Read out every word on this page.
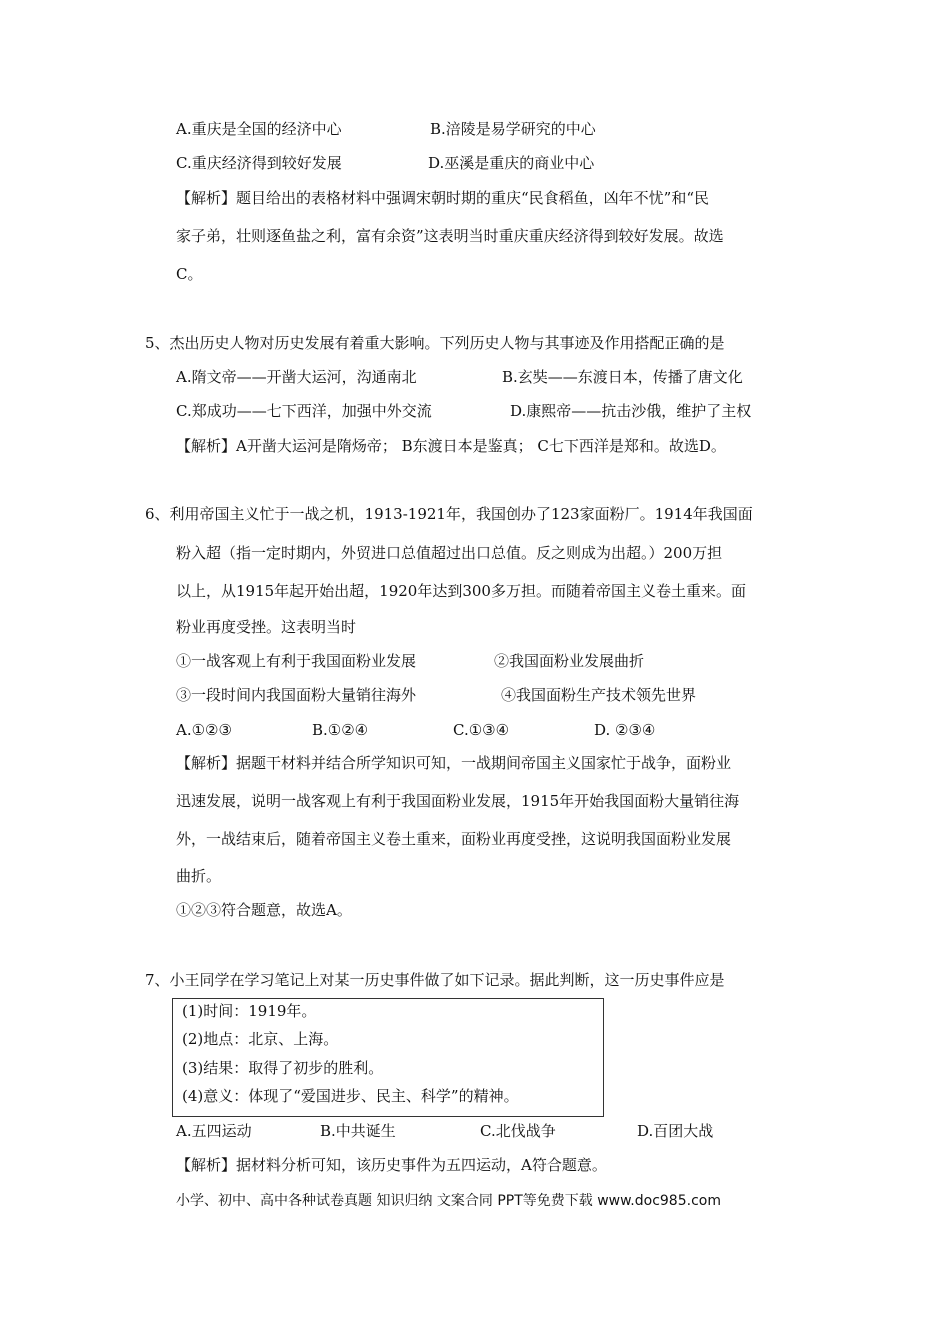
A.重庆是全国的经济中心	B.涪陵是易学研究的中心
C.重庆经济得到较好发展	D.巫溪是重庆的商业中心
【解析】题目给出的表格材料中强调宋朝时期的重庆“民食稻鱼，凶年不忧”和“民
家子弟，壮则逐鱼盐之利，富有余资”这表明当时重庆重庆经济得到较好发展。故选
C。
5、杰出历史人物对历史发展有着重大影响。下列历史人物与其事迹及作用搭配正确的是
A.隋文帝——开凿大运河，沟通南北	B.玄奘——东渡日本，传播了唐文化
C.郑成功——七下西洋，加强中外交流	D.康熙帝——抗击沙俄，维护了主权
【解析】A开凿大运河是隋炀帝； B东渡日本是鉴真； C七下西洋是郑和。故选D。
6、利用帝国主义忙于一战之机，1913-1921年，我国创办了123家面粉厂。1914年我国面
粉入超（指一定时期内，外贸进口总值超过出口总值。反之则成为出超。）200万担
以上，从1915年起开始出超，1920年达到300多万担。而随着帝国主义卷土重来。面
粉业再度受挫。这表明当时
①一战客观上有利于我国面粉业发展	②我国面粉业发展曲折
③一段时间内我国面粉大量销往海外	④我国面粉生产技术领先世界
A.①②③	B.①②④	C.①③④	D. ②③④
【解析】据题干材料并结合所学知识可知，一战期间帝国主义国家忙于战争，面粉业
迅速发展，说明一战客观上有利于我国面粉业发展，1915年开始我国面粉大量销往海
外，一战结束后，随着帝国主义卷土重来，面粉业再度受挫，这说明我国面粉业发展
曲折。
①②③符合题意，故选A。
7、小王同学在学习笔记上对某一历史事件做了如下记录。据此判断，这一历史事件应是
(1)时间：1919年。
(2)地点：北京、上海。
(3)结果：取得了初步的胜利。
(4)意义：体现了“爱国进步、民主、科学”的精神。
A.五四运动	B.中共诞生	C.北伐战争	D.百团大战
【解析】据材料分析可知，该历史事件为五四运动，A符合题意。
小学、初中、高中各种试卷真题 知识归纳 文案合同 PPT等免费下载 www.doc985.com
